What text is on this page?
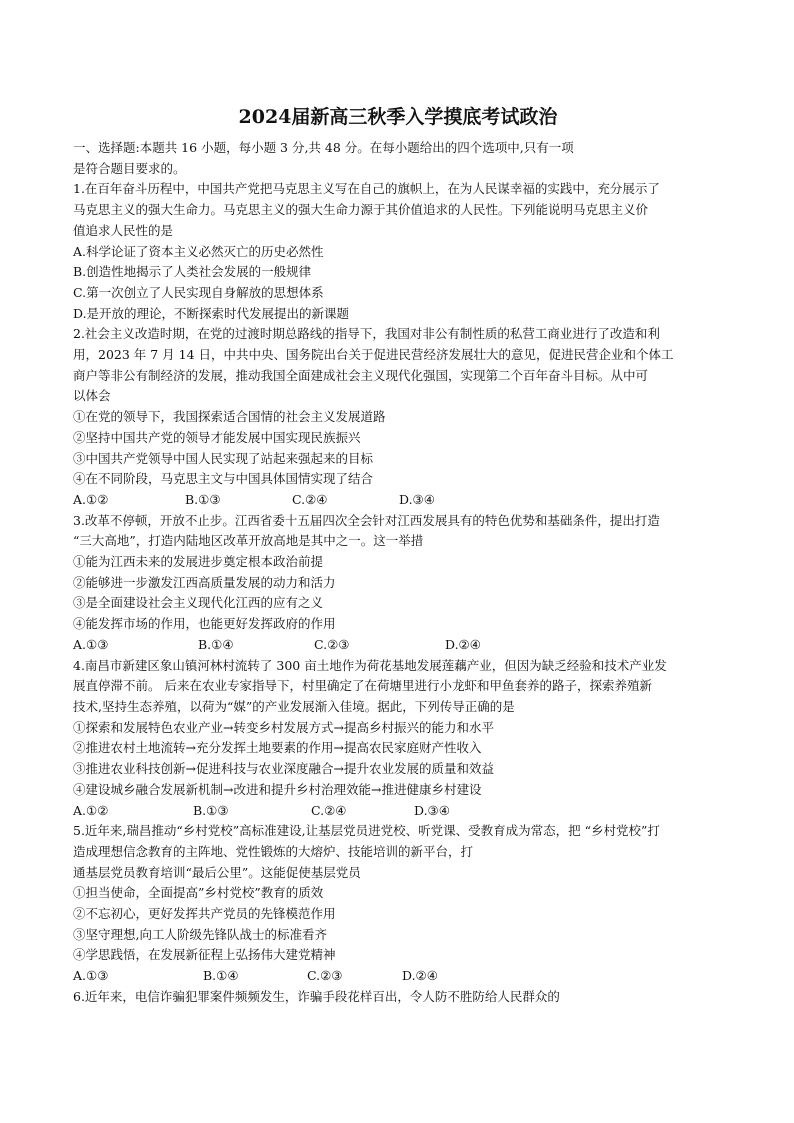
2024届新高三秋季入学摸底考试政治
一、选择题:本题共 16 小题，每小题 3 分,共 48 分。在每小题给出的四个选项中,只有一项
是符合题目要求的。
1.在百年奋斗历程中，中国共产党把马克思主义写在自己的旗帜上，在为人民谋幸福的实践中，充分展示了
马克思主义的强大生命力。马克思主义的强大生命力源于其价值追求的人民性。下列能说明马克思主义价
值追求人民性的是
A.科学论证了资本主义必然灭亡的历史必然性
B.创造性地揭示了人类社会发展的一般规律
C.第一次创立了人民实现自身解放的思想体系
D.是开放的理论，不断探索时代发展提出的新课题
2.社会主义改造时期，在党的过渡时期总路线的指导下，我国对非公有制性质的私营工商业进行了改造和利
用，2023 年 7 月 14 日，中共中央、国务院出台关于促进民营经济发展壮大的意见，促进民营企业和个体工
商户等非公有制经济的发展，推动我国全面建成社会主义现代化强国，实现第二个百年奋斗目标。从中可
以体会
①在党的领导下，我国探索适合国情的社会主义发展道路
②坚持中国共产党的领导才能发展中国实现民族振兴
③中国共产党领导中国人民实现了站起来强起来的目标
④在不同阶段，马克思主文与中国具体国情实现了结合
A.①②	B.①③	C.②④	D.③④
3.改革不停顿，开放不止步。江西省委十五届四次全会针对江西发展具有的特色优势和基础条件，提出打造
“三大高地”，打造内陆地区改革开放高地是其中之一。这一举措
①能为江西未来的发展进步奠定根本政治前提
②能够进一步激发江西高质量发展的动力和活力
③是全面建设社会主义现代化江西的应有之义
④能发挥市场的作用，也能更好发挥政府的作用
A.①③	B.①④	C.②③	D.②④
4.南昌市新建区象山镇河林村流转了 300 亩土地作为荷花基地发展莲藕产业，但因为缺乏经验和技术产业发
展直停滞不前。 后来在农业专家指导下，村里确定了在荷塘里进行小龙虾和甲鱼套养的路子，探索养殖新
技术,坚持生态养殖，以荷为“媒”的产业发展渐入佳境。据此，下列传导正确的是
①探索和发展特色农业产业→转变乡村发展方式→提高乡村振兴的能力和水平
②推进农村土地流转→充分发挥土地要素的作用→提高农民家庭财产性收入
③推进农业科技创新→促进科技与农业深度融合→提升农业发展的质量和效益
④建设城乡融合发展新机制→改进和提升乡村治理效能→推进健康乡村建设
A.①②	B.①③	C.②④	D.③④
5.近年来,瑞昌推动“乡村党校”高标准建设,让基层党员进党校、听党课、受教育成为常态，把 “乡村党校”打
造成理想信念教育的主阵地、党性锻炼的大熔炉、技能培训的新平台，打
通基层党员教育培训“最后公里”。这能促使基层党员
①担当使命，全面提高”乡村党校”教育的质效
②不忘初心，更好发挥共产党员的先锋模范作用
③坚守理想,向工人阶级先锋队战士的标准看齐
④学思践悟，在发展新征程上弘扬伟大建党精神
A.①③	B.①④	C.②③	D.②④
6.近年来，电信诈骗犯罪案件频频发生，诈骗手段花样百出，令人防不胜防给人民群众的
